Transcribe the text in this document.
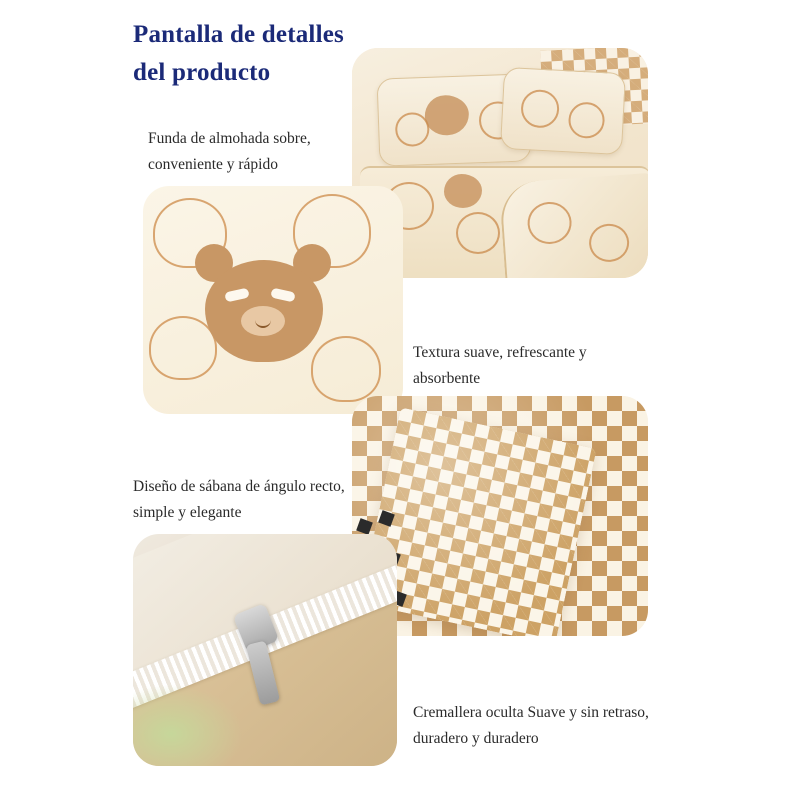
Pantalla de detalles
del producto
Funda de almohada sobre, conveniente y rápido
Textura suave, refrescante y absorbente
Diseño de sábana de ángulo recto, simple y elegante
Cremallera oculta Suave y sin retraso, duradero y duradero
